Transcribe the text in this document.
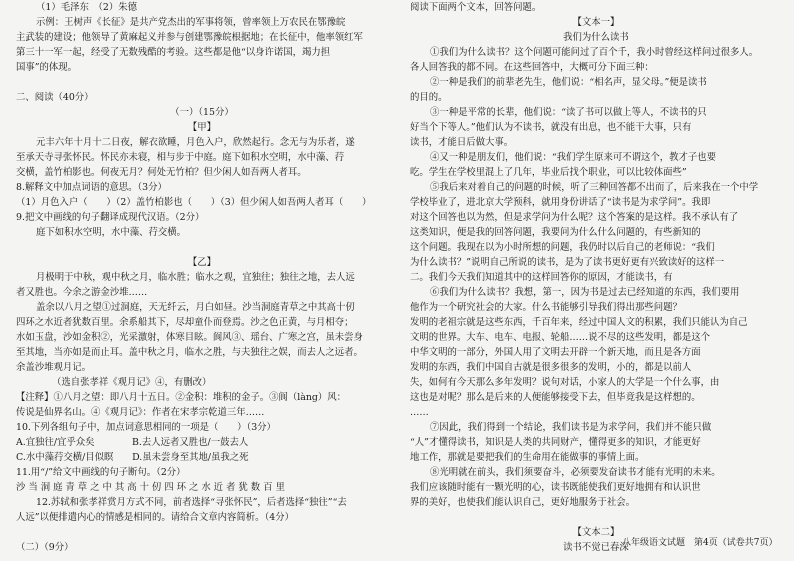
（1）毛泽东　（2）朱德
示例：王树声《长征》是共产党杰出的军事将领，曾率领上万农民在鄂豫皖
主武装的建设；他领导了黄麻起义并参与创建鄂豫皖根据地；在长征中，他率领红军
第三十一军一起，经受了无数残酷的考验。这些都是他“以身许诺国，竭力担
国事”的体现。

二、阅读（40分）
（一）（15分）
【甲】
元丰六年十月十二日夜，解衣欲睡，月色入户，欣然起行。念无与为乐者，遂
至承天寺寻张怀民。怀民亦未寝，相与步于中庭。庭下如积水空明，水中藻、荇
交横，盖竹柏影也。何夜无月？何处无竹柏？但少闲人如吾两人者耳。
8.解释文中加点词语的意思。（3分）
（1）月色入户（　　）（2）盖竹柏影也（　　）（3）但少闲人如吾两人者耳（　　）
9.把文中画线的句子翻译成现代汉语。（2分）
庭下如积水空明，水中藻、荇交横。

【乙】
月极明于中秋，观中秋之月，临水胜；临水之观，宜独往；独往之地，去人远
者又胜也。今余之游金沙堆……
盖余以八月之望①过洞庭，天无纤云，月白如昼。沙当洞庭青草之中其高十仞
四环之水近者犹数百里。余系船其下，尽却童仆而登焉。沙之色正黄，与月相夺；
水如玉盘，沙如金积②，光采激射，体寒目眩。阆风③、瑶台、广寒之宫，虽未尝身
至其地，当亦如是而止耳。盖中秋之月，临水之胜，与夫独往之娱，而去人之远者。
余盖沙堆观月记。
（选自张孝祥《观月记》④，有删改）
【注释】①八月之望：即八月十五日。②金积：堆积的金子。③阆（làng）风：
传说是仙界名山。④《观月记》：作者在宋孝宗乾道三年……
10.下列各组句子中，加点词意思相同的一项是（　　）（3分）
A.宜独往/宜乎众矣　　　　B.去人远者又胜也/一鼓去人
C.水中藻荇交横/目似瞑　　D.虽未尝身至其地/虽我之死
11.用“/”给文中画线的句子断句。（2分）
沙 当 洞 庭 青 草 之 中 其 高 十 仞 四 环 之 水 近 者 犹 数 百 里
12.苏轼和张孝祥赏月方式不同，前者选择“寻张怀民”，后者选择“独往”“去
人远”以便排遣内心的情感是相同的。请给合文章内容简析。（4分）

（二）（9分）
阅读下面两个文本，回答问题。
【文本一】
我们为什么读书
①我们为什么读书？这个问题可能问过了百个千，我小时曾经这样问过很多人。
各人回答我的都不同。在这些回答中，大概可分下面三种：
②一种是我们的前辈老先生，他们说：“相名声，显父母。”便是读书
的目的。
③一种是平常的长辈，他们说：“读了书可以做上等人，不读书的只
好当个下等人。”他们认为不读书，就没有出息，也不能干大事，只有
读书，才能日后做大事。
④又一种是朋友们，他们说：“我们学生原来可不谓这个，教才子也要
吃。学生在学校里混上了几年，毕业后找个职业，可以比较体面些”
⑤我后来对着自己的问题的时候，听了三种回答都不出而了，后来我在一个中学
学校毕业了，进北京大学预科，就用身份讲话了“读书是为求学问”。我即
对这个回答也以为然，但是求学问为什么呢？这个答案的是这样。我不承认有了
这类知识，便是我的回答问题，我要问为什么什么问题的，有些新知的
这个问题。我现在以为小时所想的问题，我仍时以后自己的老师说：“我们
为什么读书？”说明自己所说的读书，是为了读书更好更有兴致读好的这样一
二。我们今天我们知道其中的这样回答你的原因，才能读书，有
⑥我们为什么读书？我想，第一，因为书是过去已经知道的东西，我们要用
他作为一个研究社会的大家。什么书能够引导我们得出那些问题？
发明的老祖宗就是这些东西，千百年来，经过中国人文的积累，我们只能认为自己
文明的世界。大车、电车、电报、轮船……说不尽的这些发明，都是这个
中华文明的一部分，外国人用了文明去开辟一个新天地，而且是各方面
发明的东西，我们中国自古就是很多很多的发明，小的，都是以前人
失，如何有今天那么多年发明？说句对话，小家人的大学是一个什么事，由
这也是对呢？那么是后来的人便能够接受下去，但毕竟我是这样想的。
……
⑦因此，我们得到一个结论，我们读书是为求学问，我们并不能只做
“人”才懂得读书，知识是人类的共同财产，懂得更多的知识，才能更好
地工作，那就是要把我们的生命用在能做事的事情上面。
⑧光明就在前头，我们须要奋斗，必须要发奋读书才能有光明的未来。
我们应该随时能有一颗光明的心，读书既能使我们更好地拥有和认识世
界的美好，也使我们能认识自己，更好地服务于社会。

【文本二】
读书不觉已春深
八年级语文试题　第4页（试卷共7页）
